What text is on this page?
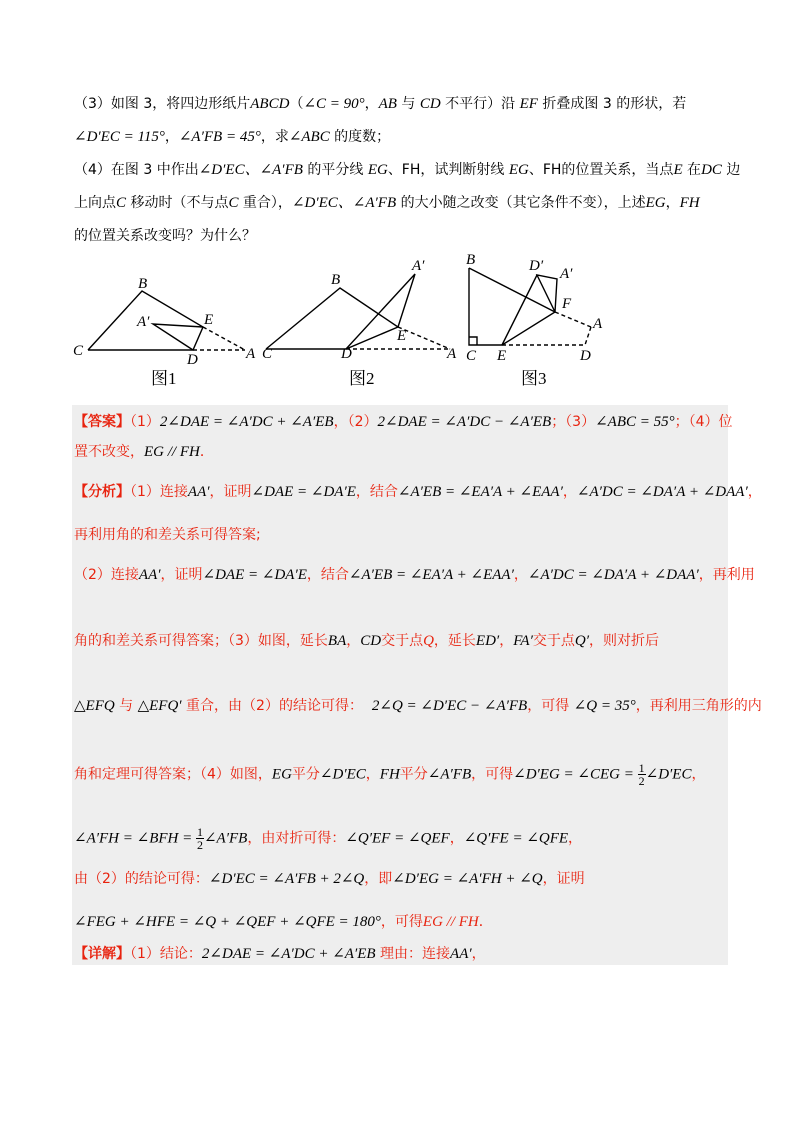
（3）如图 3，将四边形纸片ABCD（∠C = 90°，AB 与 CD 不平行）沿 EF 折叠成图 3 的形状，若
∠D′EC = 115°，∠A′FB = 45°，求∠ABC 的度数；
（4）在图 3 中作出∠D′EC、∠A′FB 的平分线 EG、FH，试判断射线 EG、FH的位置关系，当点E 在DC 边
上向点C 移动时（不与点C 重合），∠D′EC、∠A′FB 的大小随之改变（其它条件不变），上述EG，FH
的位置关系改变吗？为什么？
B
A′	E
C
D	A
B
A′
E
C	D	A
B	D′ A′
F
A
C E	D
图1	图2	图3
【答案】（1）2∠DAE = ∠A′DC + ∠A′EB，（2）2∠DAE = ∠A′DC − ∠A′EB；（3）∠ABC = 55°；（4）位
置不改变，EG // FH．
【分析】（1）连接AA′，证明∠DAE = ∠DA′E，结合∠A′EB = ∠EA′A + ∠EAA′，∠A′DC = ∠DA′A + ∠DAA′，
再利用角的和差关系可得答案;
（2）连接AA′，证明∠DAE = ∠DA′E，结合∠A′EB = ∠EA′A + ∠EAA′，∠A′DC = ∠DA′A + ∠DAA′，再利用
角的和差关系可得答案；（3）如图，延长BA，CD交于点Q，延长ED′，FA′交于点Q′，则对折后
△EFQ 与 △EFQ′ 重合，由（2）的结论可得： 2∠Q = ∠D′EC − ∠A′FB，可得 ∠Q = 35°，再利用三角形的内
角和定理可得答案；（4）如图，EG平分∠D′EC，FH平分∠A′FB，可得∠D′EG = ∠CEG = $\frac{1}{2}$ ∠D′EC，
∠A′FH = ∠BFH = $\frac{1}{2}$ ∠A′FB，由对折可得：∠Q′EF = ∠QEF，∠Q′FE = ∠QFE，
由（2）的结论可得：∠D′EC = ∠A′FB + 2∠Q，即∠D′EG = ∠A′FH + ∠Q，证明
∠FEG + ∠HFE = ∠Q + ∠QEF + ∠QFE = 180°，可得EG // FH．
【详解】（1）结论：2∠DAE = ∠A′DC + ∠A′EB 理由：连接AA′，
